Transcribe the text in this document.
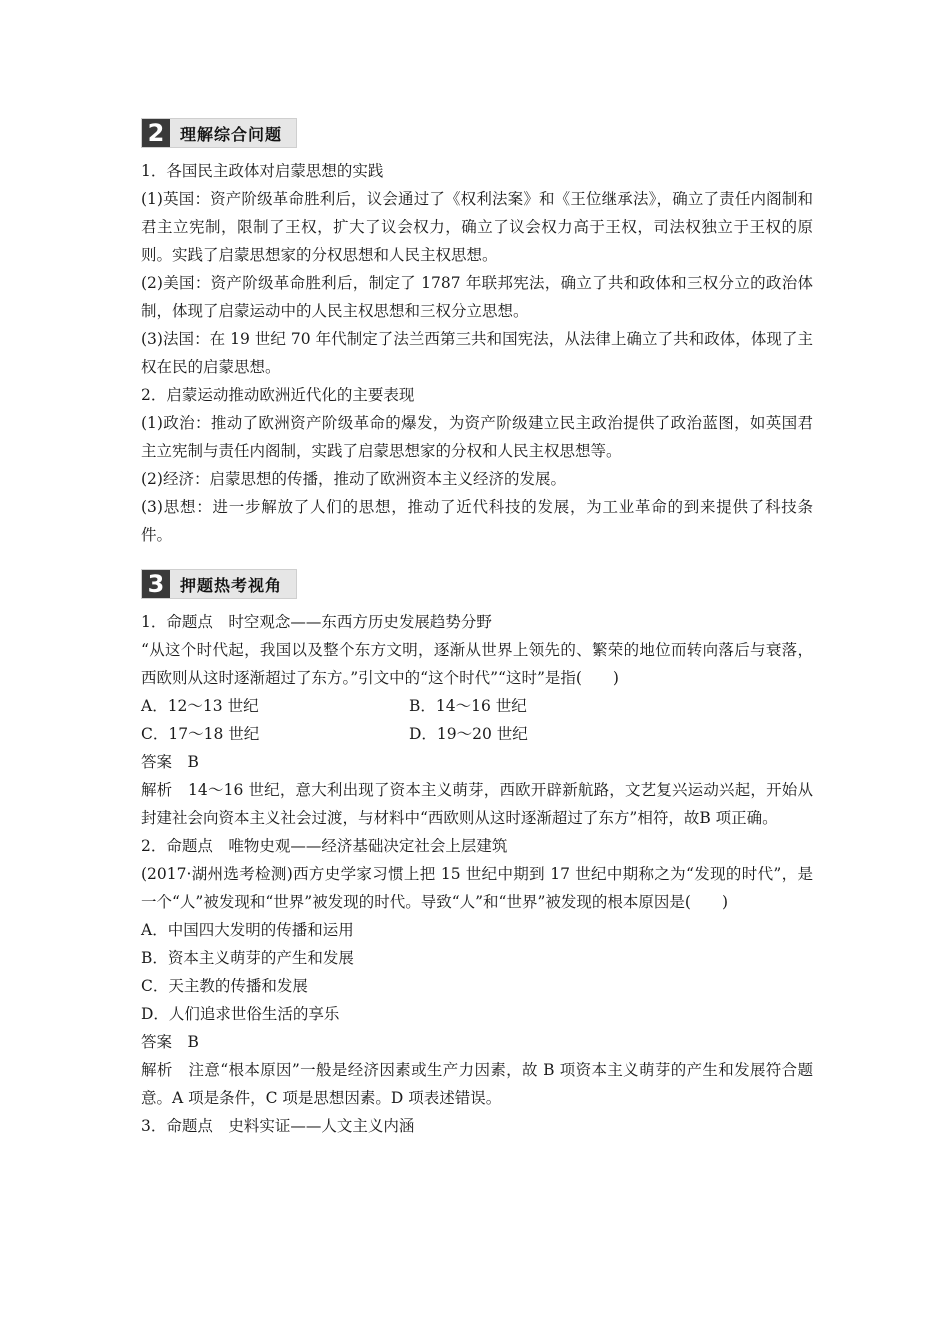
2 理解综合问题

1．各国民主政体对启蒙思想的实践

(1)英国：资产阶级革命胜利后，议会通过了《权利法案》和《王位继承法》，确立了责任内阁制和君主立宪制，限制了王权，扩大了议会权力，确立了议会权力高于王权，司法权独立于王权的原则。实践了启蒙思想家的分权思想和人民主权思想。

(2)美国：资产阶级革命胜利后，制定了 1787 年联邦宪法，确立了共和政体和三权分立的政治体制，体现了启蒙运动中的人民主权思想和三权分立思想。

(3)法国：在 19 世纪 70 年代制定了法兰西第三共和国宪法，从法律上确立了共和政体，体现了主权在民的启蒙思想。

2．启蒙运动推动欧洲近代化的主要表现

(1)政治：推动了欧洲资产阶级革命的爆发，为资产阶级建立民主政治提供了政治蓝图，如英国君主立宪制与责任内阁制，实践了启蒙思想家的分权和人民主权思想等。

(2)经济：启蒙思想的传播，推动了欧洲资本主义经济的发展。

(3)思想：进一步解放了人们的思想，推动了近代科技的发展，为工业革命的到来提供了科技条件。

3 押题热考视角

1．命题点　时空观念——东西方历史发展趋势分野

“从这个时代起，我国以及整个东方文明，逐渐从世界上领先的、繁荣的地位而转向落后与衰落，西欧则从这时逐渐超过了东方。”引文中的“这个时代”“这时”是指(　　)

A．12～13 世纪	B．14～16 世纪
C．17～18 世纪	D．19～20 世纪

答案　B

解析　14～16 世纪，意大利出现了资本主义萌芽，西欧开辟新航路，文艺复兴运动兴起，开始从封建社会向资本主义社会过渡，与材料中“西欧则从这时逐渐超过了东方”相符，故B 项正确。

2．命题点　唯物史观——经济基础决定社会上层建筑

(2017·湖州选考检测)西方史学家习惯上把 15 世纪中期到 17 世纪中期称之为“发现的时代”，是一个“人”被发现和“世界”被发现的时代。导致“人”和“世界”被发现的根本原因是(　　)

A．中国四大发明的传播和运用

B．资本主义萌芽的产生和发展

C．天主教的传播和发展

D．人们追求世俗生活的享乐

答案　B

解析　注意“根本原因”一般是经济因素或生产力因素，故 B 项资本主义萌芽的产生和发展符合题意。A 项是条件，C 项是思想因素。D 项表述错误。

3．命题点　史料实证——人文主义内涵
